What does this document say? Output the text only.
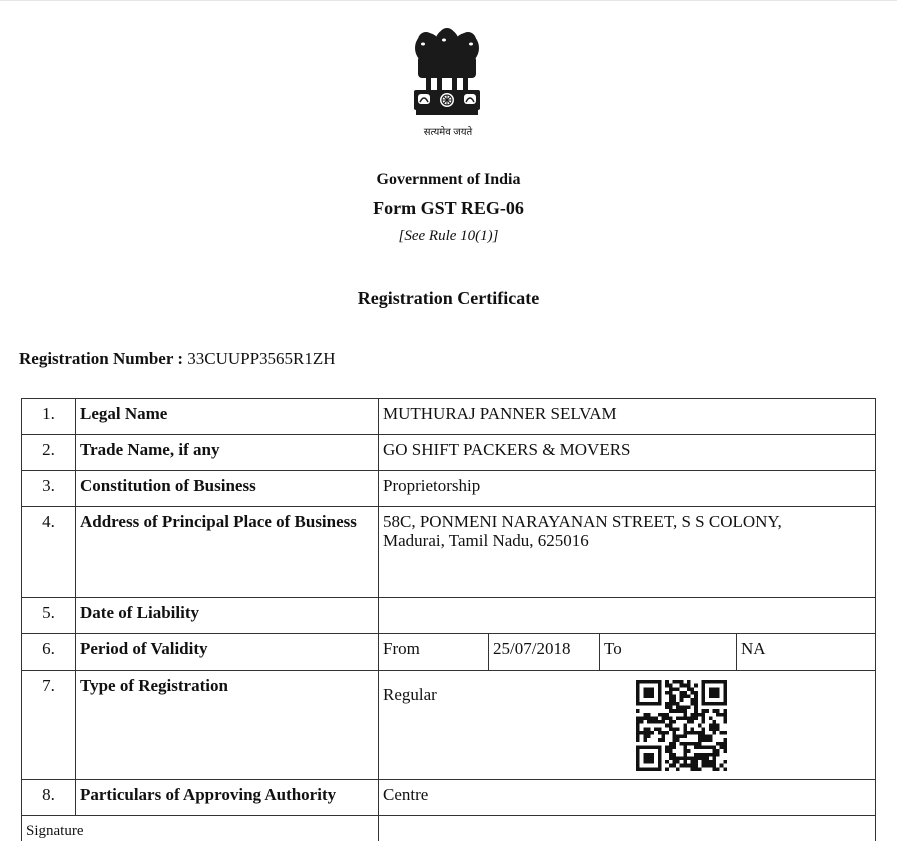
सत्यमेव जयते
Government of India
Form GST REG-06
[See Rule 10(1)]
Registration Certificate
Registration Number : 33CUUPP3565R1ZH
1.	Legal Name	MUTHURAJ PANNER SELVAM			
2.	Trade Name, if any	GO SHIFT PACKERS & MOVERS			
3.	Constitution of Business	Proprietorship			
4.	Address of Principal Place of Business	58C, PONMENI NARAYANAN STREET, S S COLONY,
Madurai, Tamil Nadu, 625016			

5.	Date of Liability				
6.	Period of Validity	From	25/07/2018	To	NA
7.	Type of Registration	Regular			

8.	Particulars of Approving Authority	Centre			
Signature					
